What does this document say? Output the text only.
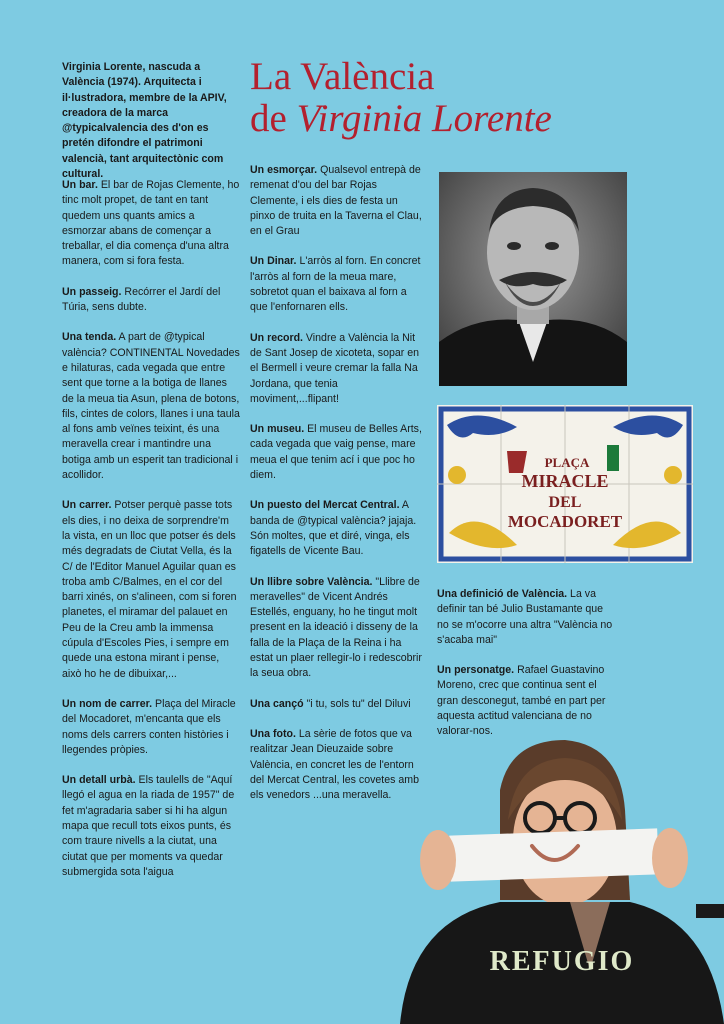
La València
de Virginia Lorente

Virginia Lorente, nascuda a València (1974). Arquitecta i il·lustradora, membre de la APIV, creadora de la marca @typicalvalencia des d'on es pretén difondre el patrimoni valencià, tant arquitectònic com cultural.

Un bar. El bar de Rojas Clemente, ho tinc molt propet, de tant en tant quedem uns quants amics a esmorzar abans de començar a treballar, el dia comença d'una altra manera, com si fora festa.

Un passeig. Recórrer el Jardí del Túria, sens dubte.

Una tenda. A part de @typical valència? CONTINENTAL Novedades e hilaturas, cada vegada que entre sent que torne a la botiga de llanes de la meua tia Asun, plena de botons, fils, cintes de colors, llanes i una taula al fons amb veïnes teixint, és una meravella crear i mantindre una botiga amb un esperit tan tradicional i acollidor.

Un carrer. Potser perquè passe tots els dies, i no deixa de sorprendre'm la vista, en un lloc que potser és dels més degradats de Ciutat Vella, és la C/ de l'Editor Manuel Aguilar quan es troba amb C/Balmes, en el cor del barri xinés, on s'alineen, com si foren planetes, el miramar del palauet en Peu de la Creu amb la immensa cúpula d'Escoles Pies, i sempre em quede una estona mirant i pense, això ho he de dibuixar,...

Un nom de carrer. Plaça del Miracle del Mocadoret, m'encanta que els noms dels carrers conten històries i llegendes pròpies.

Un detall urbà. Els taulells de "Aquí llegó el agua en la riada de 1957" de fet m'agradaria saber si hi ha algun mapa que recull tots eixos punts, és com traure nivells a la ciutat, una ciutat que per moments va quedar submergida sota l'aigua

Un esmorçar. Qualsevol entrepà de remenat d'ou del bar Rojas Clemente, i els dies de festa un pinxo de truita en la Taverna el Clau, en el Grau

Un Dinar. L'arròs al forn. En concret l'arròs al forn de la meua mare, sobretot quan el baixava al forn a que l'enfornaren ells.

Un record. Vindre a València la Nit de Sant Josep de xicoteta, sopar en el Bermell i veure cremar la falla Na Jordana, que tenia moviment,...flipant!

Un museu. El museu de Belles Arts, cada vegada que vaig pense, mare meua el que tenim ací i que poc ho diem.

Un puesto del Mercat Central. A banda de @typical valència? jajaja. Són moltes, que et diré, vinga, els figatells de Vicente Bau.

Un llibre sobre València. "Llibre de meravelles" de Vicent Andrés Estellés, enguany, ho he tingut molt present en la ideació i disseny de la falla de la Plaça de la Reina i ha estat un plaer rellegir-lo i redescobrir la seua obra.

Una cançó "i tu, sols tu" del Diluvi

Una foto. La sèrie de fotos que va realitzar Jean Dieuzaide sobre València, en concret les de l'entorn del Mercat Central, les covetes amb els venedors ...una meravella.

Una definició de València. La va definir tan bé Julio Bustamante que no se m'ocorre una altra "València no s'acaba mai"

Un personatge. Rafael Guastavino Moreno, crec que continua sent el gran desconegut, també en part per aquesta actitud valenciana de no valorar-nos.

PLAÇA
MIRACLE
DEL
MOCADORET
REFUGIO
